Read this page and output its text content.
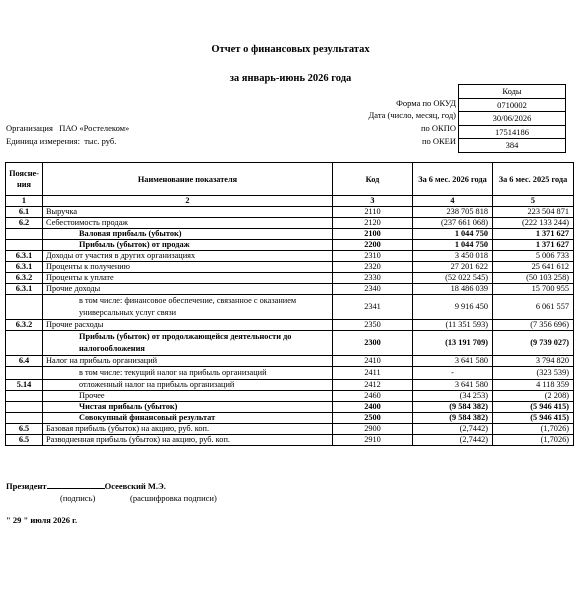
Отчет о финансовых результатах
за январь-июнь 2026 года
Коды
0710002
30/06/2026
17514186
384
Форма по ОКУД
Дата (число, месяц, год)
по ОКПО
по ОКЕИ
Организация ПАО «Ростелеком»
Единица измерения: тыс. руб.
Поясне-ния	Наименование показателя	Код	За 6 мес. 2026 года	За 6 мес. 2025 года
1	2	3	4	5
6.1	Выручка	2110	238 705 818	223 504 871
6.2	Себестоимость продаж	2120	(237 661 068)	(222 133 244)
	Валовая прибыль (убыток)	2100	1 044 750	1 371 627
	Прибыль (убыток) от продаж	2200	1 044 750	1 371 627
6.3.1	Доходы от участия в других организациях	2310	3 450 018	5 006 733
6.3.1	Проценты к получению	2320	27 201 622	25 641 612
6.3.2	Проценты к уплате	2330	(52 022 545)	(50 103 258)
6.3.1	Прочие доходы	2340	18 486 039	15 700 955
	в том числе: финансовое обеспечение, связанное с оказанием универсальных услуг связи	2341	9 916 450	6 061 557
6.3.2	Прочие расходы	2350	(11 351 593)	(7 356 696)
	Прибыль (убыток) от продолжающейся деятельности до налогообложения	2300	(13 191 709)	(9 739 027)
6.4	Налог на прибыль организаций	2410	3 641 580	3 794 820
	в том числе: текущий налог на прибыль организаций	2411	-	(323 539)
5.14	отложенный налог на прибыль организаций	2412	3 641 580	4 118 359
	Прочее	2460	(34 253)	(2 208)
	Чистая прибыль (убыток)	2400	(9 584 382)	(5 946 415)
	Совокупный финансовый результат	2500	(9 584 382)	(5 946 415)
6.5	Базовая прибыль (убыток) на акцию, руб. коп.	2900	(2,7442)	(1,7026)
6.5	Разводненная прибыль (убыток) на акцию, руб. коп.	2910	(2,7442)	(1,7026)
Президент	Осеевский М.Э.
(подпись)	(расшифровка подписи)
" 29 " июля 2026 г.
